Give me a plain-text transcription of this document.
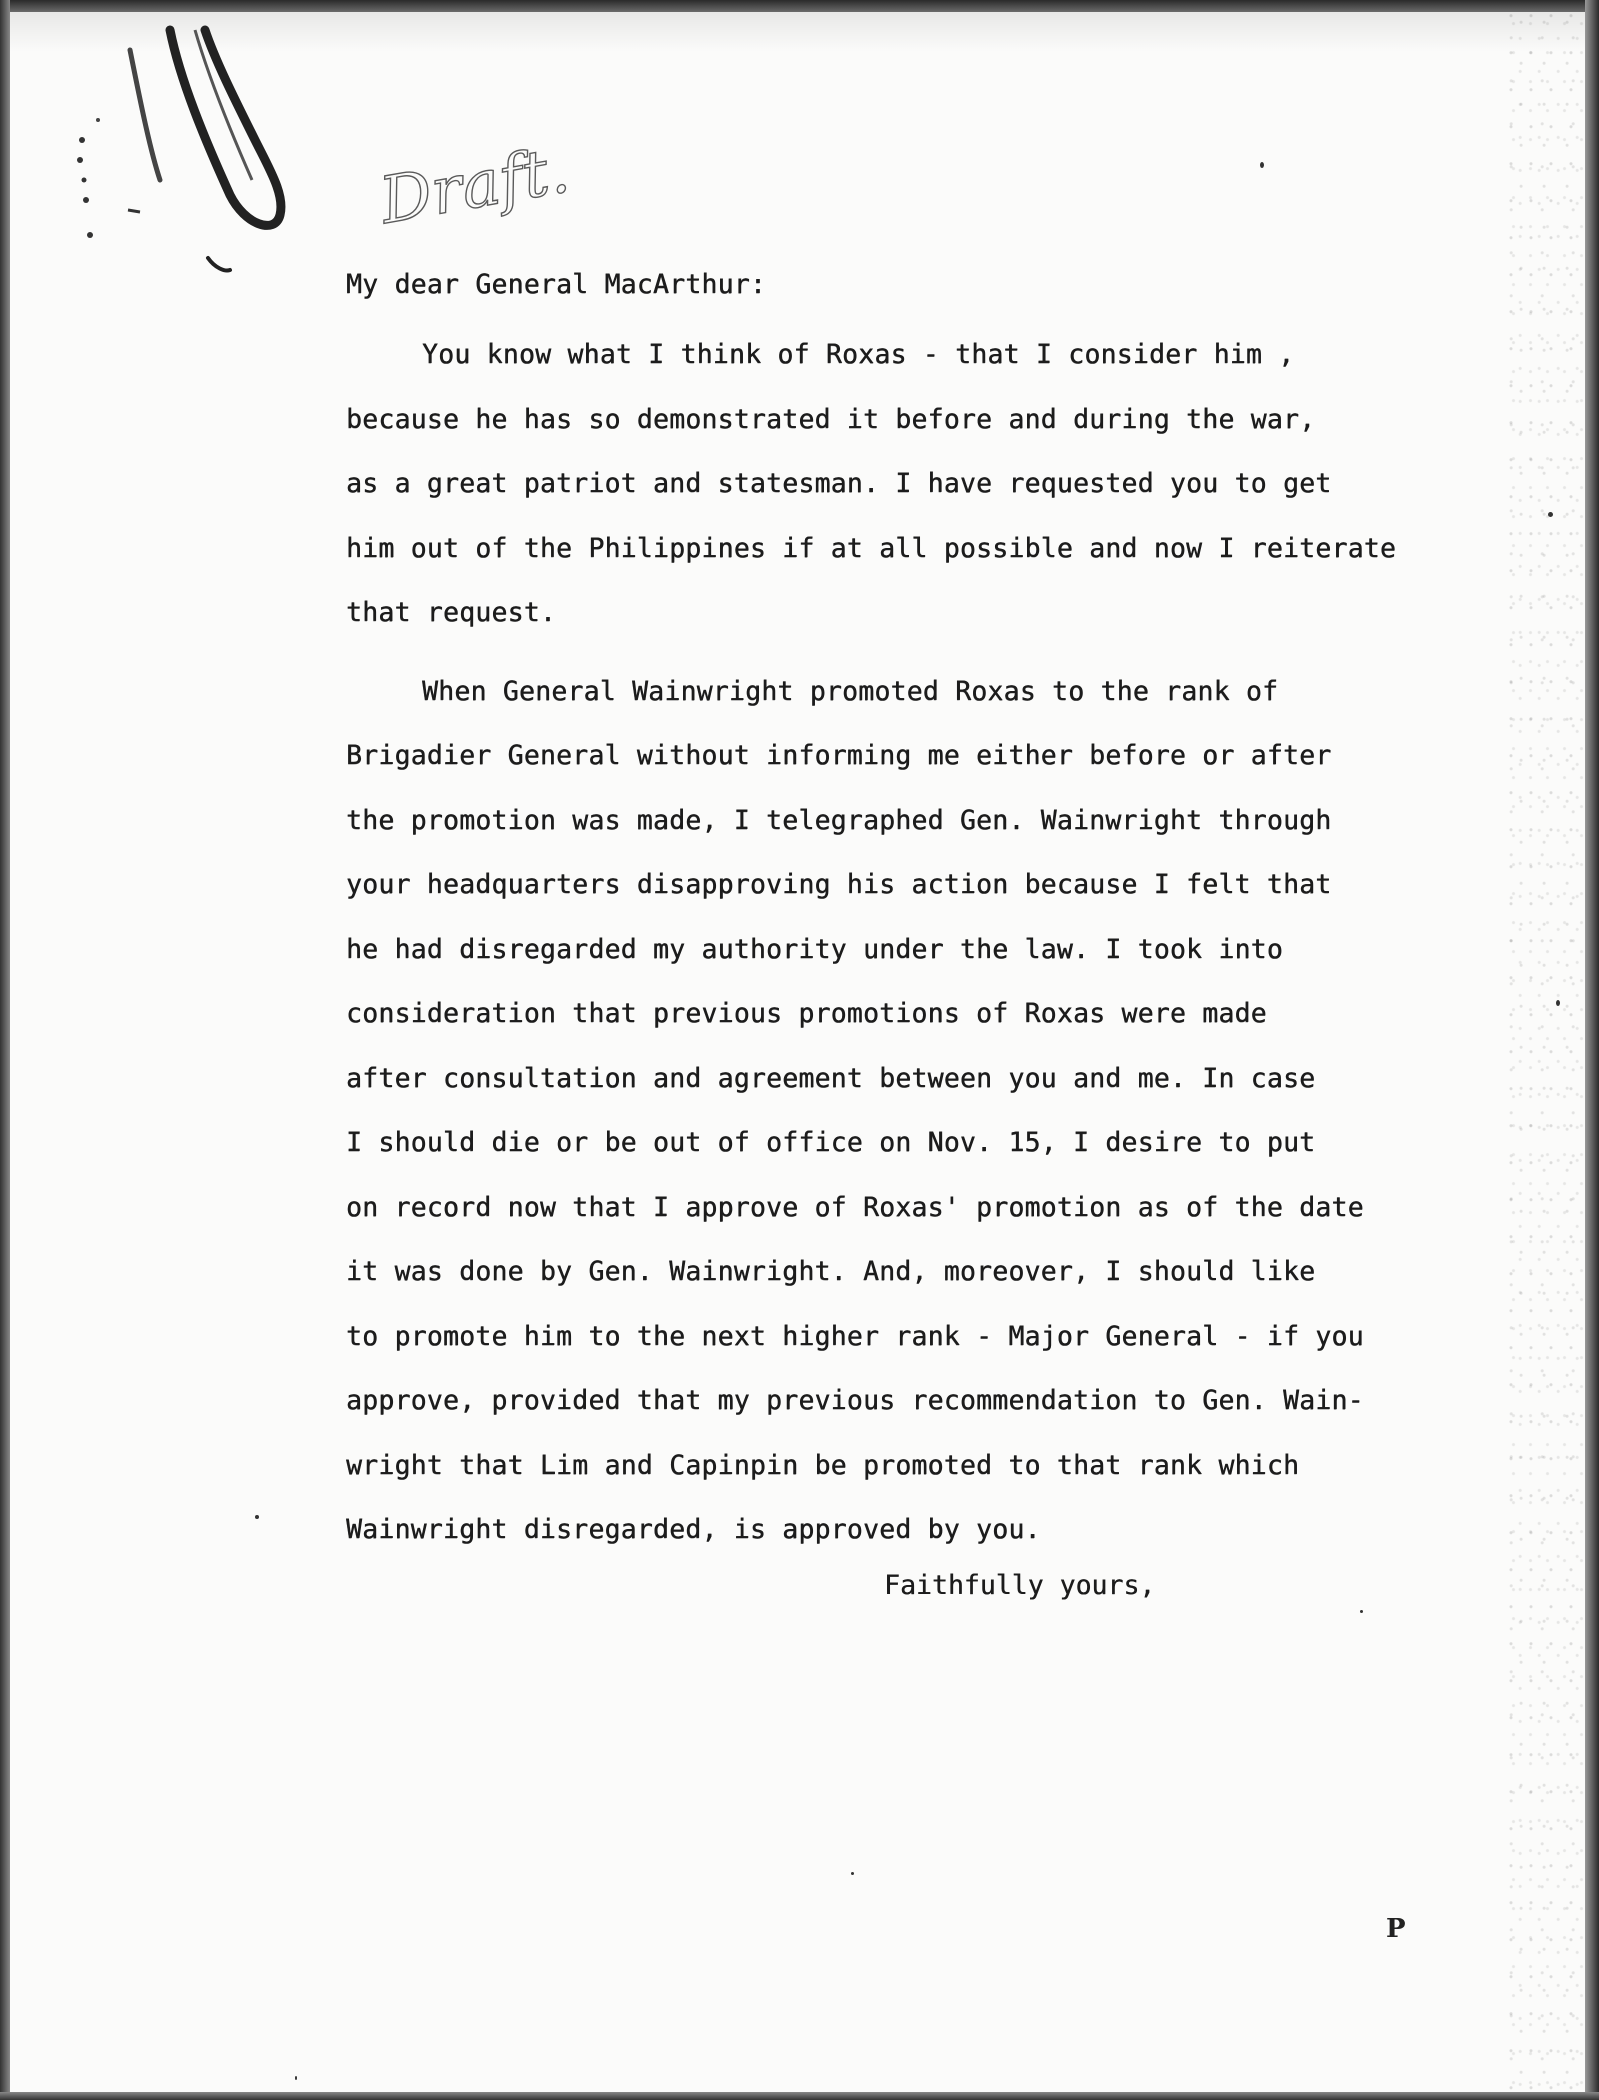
Draft.
My dear General MacArthur:
You know what I think of Roxas - that I consider him ,
because he has so demonstrated it before and during the war,
as a great patriot and statesman. I have requested you to get
him out of the Philippines if at all possible and now I reiterate
that request.
When General Wainwright promoted Roxas to the rank of
Brigadier General without informing me either before or after
the promotion was made, I telegraphed Gen. Wainwright through
your headquarters disapproving his action because I felt that
he had disregarded my authority under the law. I took into
consideration that previous promotions of Roxas were made
after consultation and agreement between you and me. In case
I should die or be out of office on Nov. 15, I desire to put
on record now that I approve of Roxas' promotion as of the date
it was done by Gen. Wainwright. And, moreover, I should like
to promote him to the next higher rank - Major General - if you
approve, provided that my previous recommendation to Gen. Wain-
wright that Lim and Capinpin be promoted to that rank which
Wainwright disregarded, is approved by you.
Faithfully yours,
P
